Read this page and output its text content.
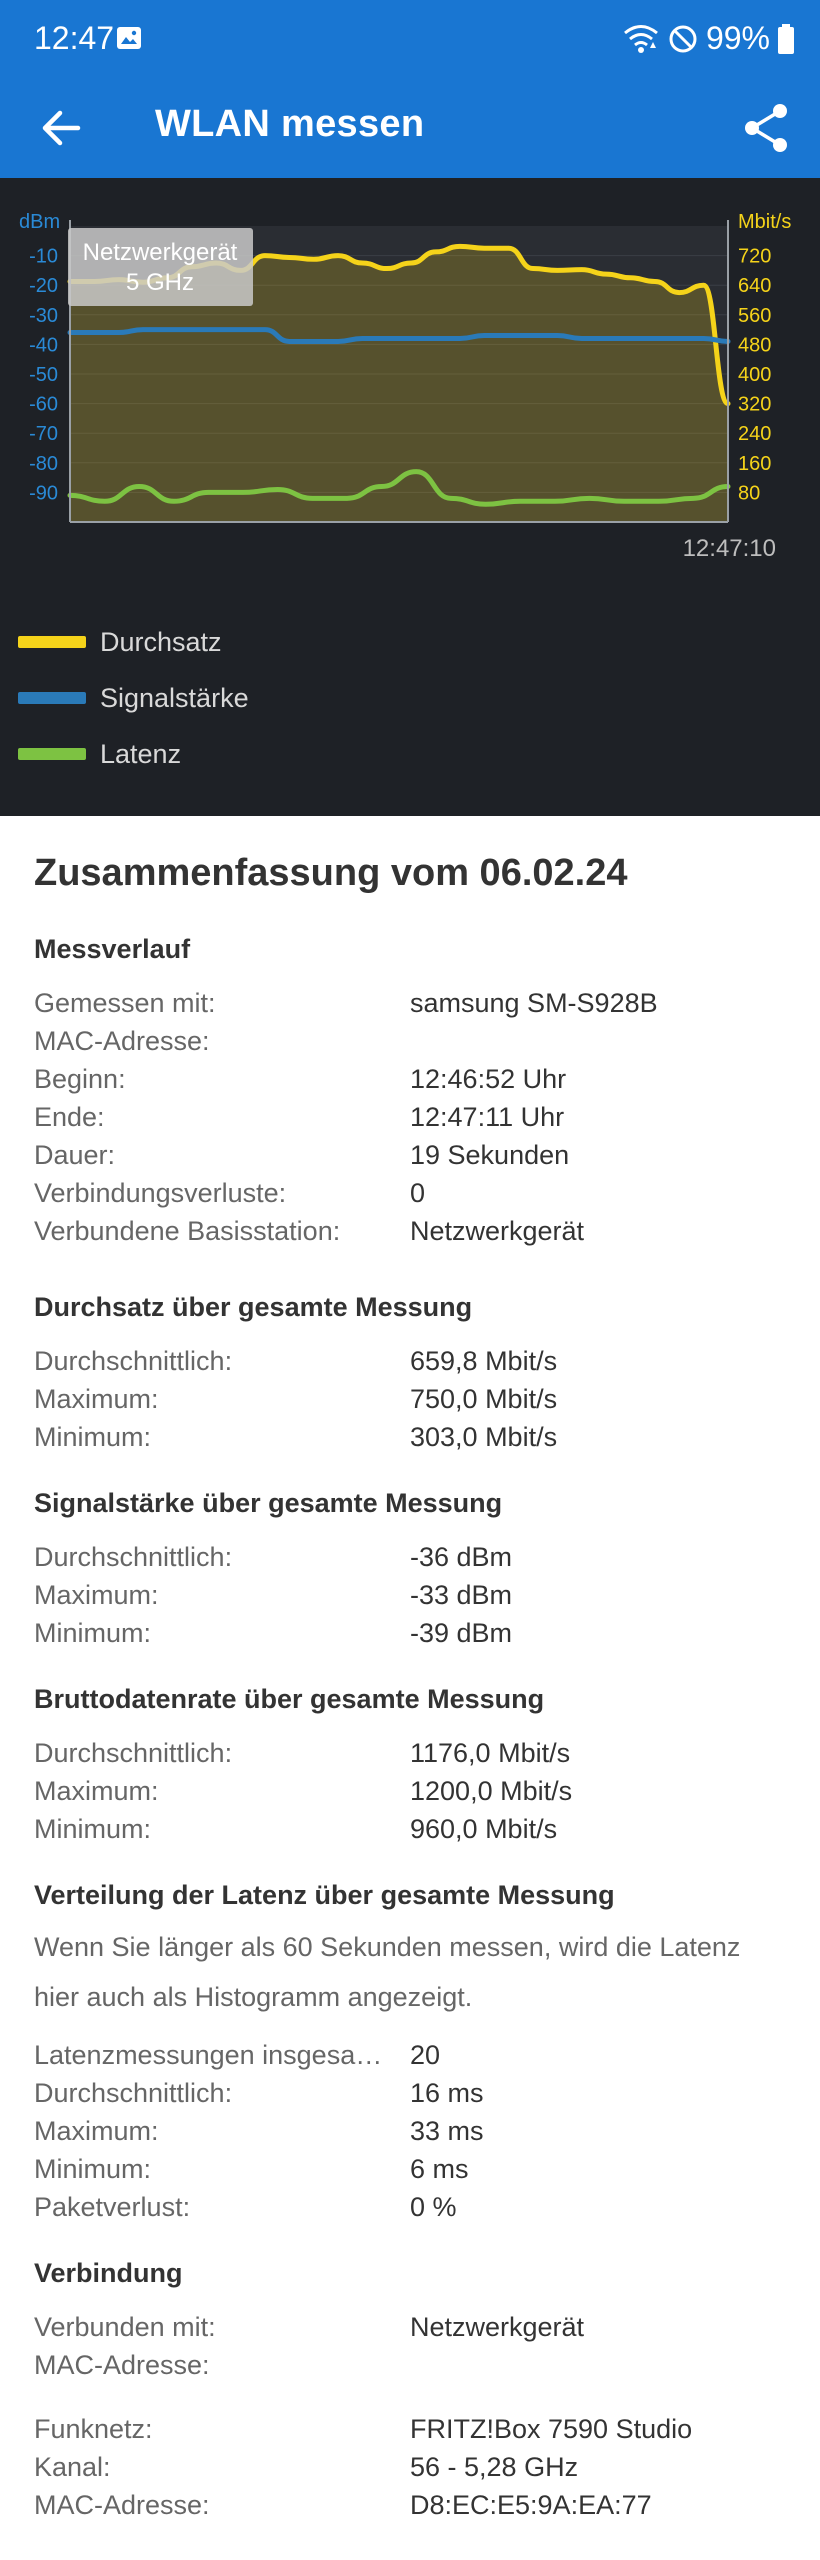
12:47	99%
WLAN messen
-10
-20
-30
-40
-50
-60
-70
-80
-90
720
640
560
480
400
320
240
160
80
Netzwerkgerät
5 GHz
dBm	Mbit/s
12:47:10
Durchsatz
Signalstärke
Latenz
Zusammenfassung vom 06.02.24
Messverlauf
Gemessen mit:	samsung SM-S928B
MAC-Adresse:
Beginn:	12:46:52 Uhr
Ende:	12:47:11 Uhr
Dauer:	19 Sekunden
Verbindungsverluste:	0
Verbundene Basisstation:	Netzwerkgerät
Durchsatz über gesamte Messung
Durchschnittlich:	659,8 Mbit/s
Maximum:	750,0 Mbit/s
Minimum:	303,0 Mbit/s
Signalstärke über gesamte Messung
Durchschnittlich:	-36 dBm
Maximum:	-33 dBm
Minimum:	-39 dBm
Bruttodatenrate über gesamte Messung
Durchschnittlich:	1176,0 Mbit/s
Maximum:	1200,0 Mbit/s
Minimum:	960,0 Mbit/s
Verteilung der Latenz über gesamte Messung
Wenn Sie länger als 60 Sekunden messen, wird die Latenz hier auch als Histogramm angezeigt.
Latenzmessungen insgesa… 20
Durchschnittlich:	16 ms
Maximum:	33 ms
Minimum:	6 ms
Paketverlust:	0 %
Verbindung
Verbunden mit:	Netzwerkgerät
MAC-Adresse:
Funknetz:	FRITZ!Box 7590 Studio
Kanal:	56 - 5,28 GHz
MAC-Adresse:	D8:EC:E5:9A:EA:77
